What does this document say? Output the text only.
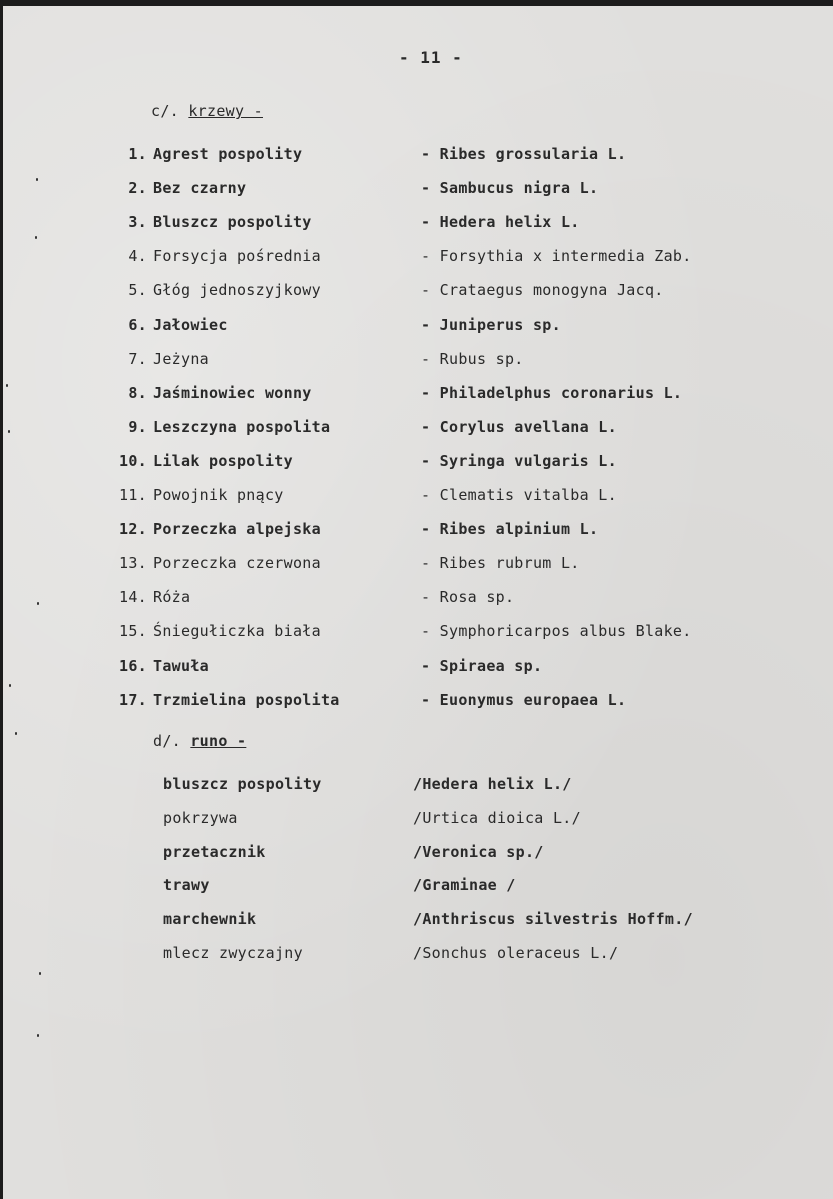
- 11 -
c/. krzewy -
1. Agrest pospolity	- Ribes grossularia L.
2. Bez czarny	- Sambucus nigra L.
3. Bluszcz pospolity	- Hedera helix L.
4. Forsycja pośrednia	- Forsythia x intermedia Zab.
5. Głóg jednoszyjkowy	- Crataegus monogyna Jacq.
6. Jałowiec	- Juniperus sp.
7. Jeżyna	- Rubus sp.
8. Jaśminowiec wonny	- Philadelphus coronarius L.
9. Leszczyna pospolita	- Corylus avellana L.
10. Lilak pospolity	- Syringa vulgaris L.
11. Powojnik pnący	- Clematis vitalba L.
12. Porzeczka alpejska	- Ribes alpinium L.
13. Porzeczka czerwona	- Ribes rubrum L.
14. Róża	- Rosa sp.
15. Śniegułiczka biała	- Symphoricarpos albus Blake.
16. Tawuła	- Spiraea sp.
17. Trzmielina pospolita	- Euonymus europaea L.
d/. runo -
bluszcz pospolity	/Hedera helix L./
pokrzywa	/Urtica dioica L./
przetacznik	/Veronica sp./
trawy	/Graminae /
marchewnik	/Anthriscus silvestris Hoffm./
mlecz zwyczajny	/Sonchus oleraceus L./
